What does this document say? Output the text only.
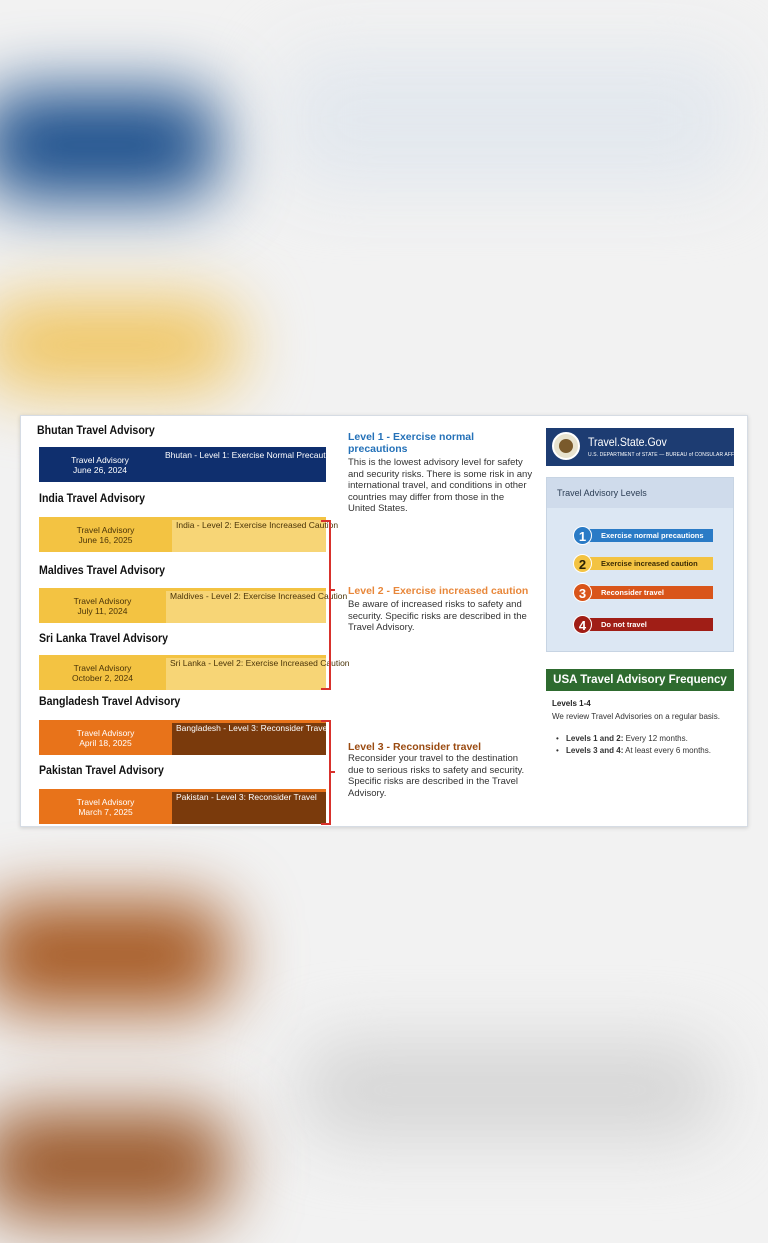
Bhutan Travel Advisory
Travel Advisory
June 26, 2024
Bhutan - Level 1: Exercise Normal Precautions
India Travel Advisory
Travel Advisory
June 16, 2025
India - Level 2: Exercise Increased Caution
Maldives Travel Advisory
Travel Advisory
July 11, 2024
Maldives - Level 2: Exercise Increased Caution
Sri Lanka Travel Advisory
Travel Advisory
October 2, 2024
Sri Lanka - Level 2: Exercise Increased Caution
Bangladesh Travel Advisory
Travel Advisory
April 18, 2025
Bangladesh - Level 3: Reconsider Travel
Pakistan Travel Advisory
Travel Advisory
March 7, 2025
Pakistan - Level 3: Reconsider Travel
Level 1 - Exercise normal precautions
This is the lowest advisory level for safety and security risks. There is some risk in any international travel, and conditions in other countries may differ from those in the United States.
Level 2 - Exercise increased caution
Be aware of increased risks to safety and security. Specific risks are described in the Travel Advisory.
Level 3 - Reconsider travel
Reconsider your travel to the destination due to serious risks to safety and security. Specific risks are described in the Travel Advisory.
Travel.State.Gov
U.S. DEPARTMENT of STATE — BUREAU of CONSULAR AFFAIRS
Travel Advisory Levels
Exercise normal precautions
1
Exercise increased caution
2
Reconsider travel
3
Do not travel
4
USA Travel Advisory Frequency
Levels 1-4
We review Travel Advisories on a regular basis.
• Levels 1 and 2: Every 12 months.
• Levels 3 and 4: At least every 6 months.
